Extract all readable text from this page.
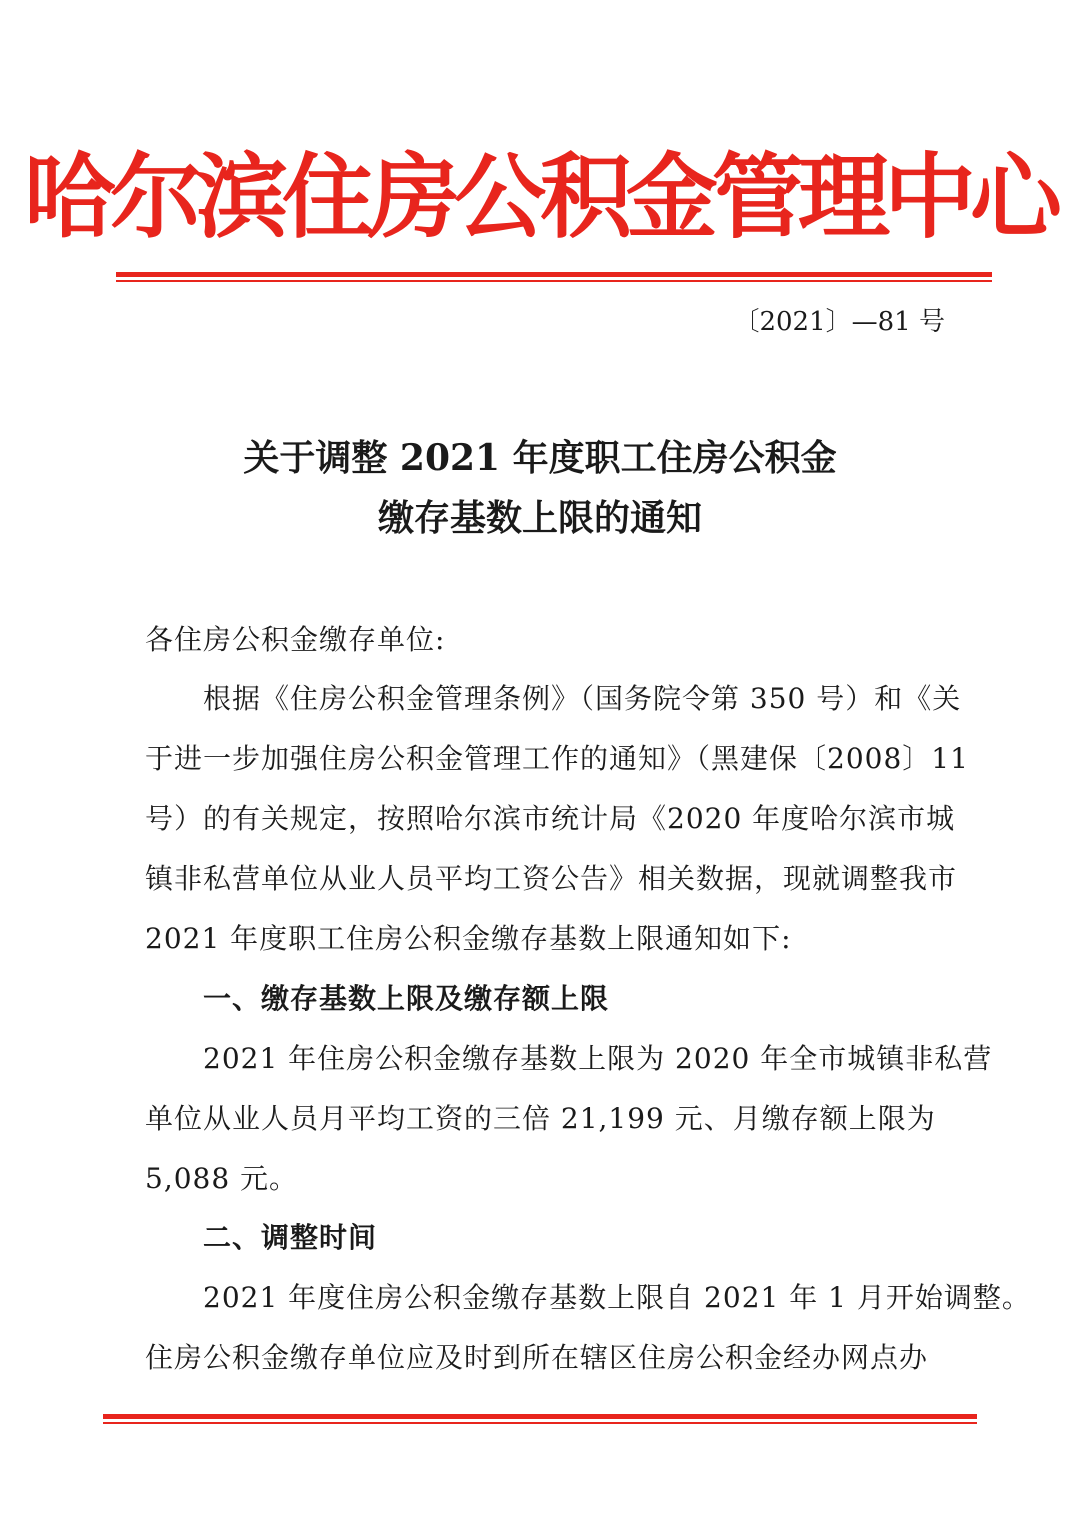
哈尔滨住房公积金管理中心
〔2021〕—81 号
关于调整 2021 年度职工住房公积金
缴存基数上限的通知
各住房公积金缴存单位:
　　根据《住房公积金管理条例》（国务院令第 350 号）和《关
于进一步加强住房公积金管理工作的通知》（黑建保〔2008〕11
号）的有关规定，按照哈尔滨市统计局《2020 年度哈尔滨市城
镇非私营单位从业人员平均工资公告》相关数据，现就调整我市
2021 年度职工住房公积金缴存基数上限通知如下:
　　一、缴存基数上限及缴存额上限
　　2021 年住房公积金缴存基数上限为 2020 年全市城镇非私营
单位从业人员月平均工资的三倍 21,199 元、月缴存额上限为
5,088 元。
　　二、调整时间
　　2021 年度住房公积金缴存基数上限自 2021 年 1 月开始调整。
住房公积金缴存单位应及时到所在辖区住房公积金经办网点办
